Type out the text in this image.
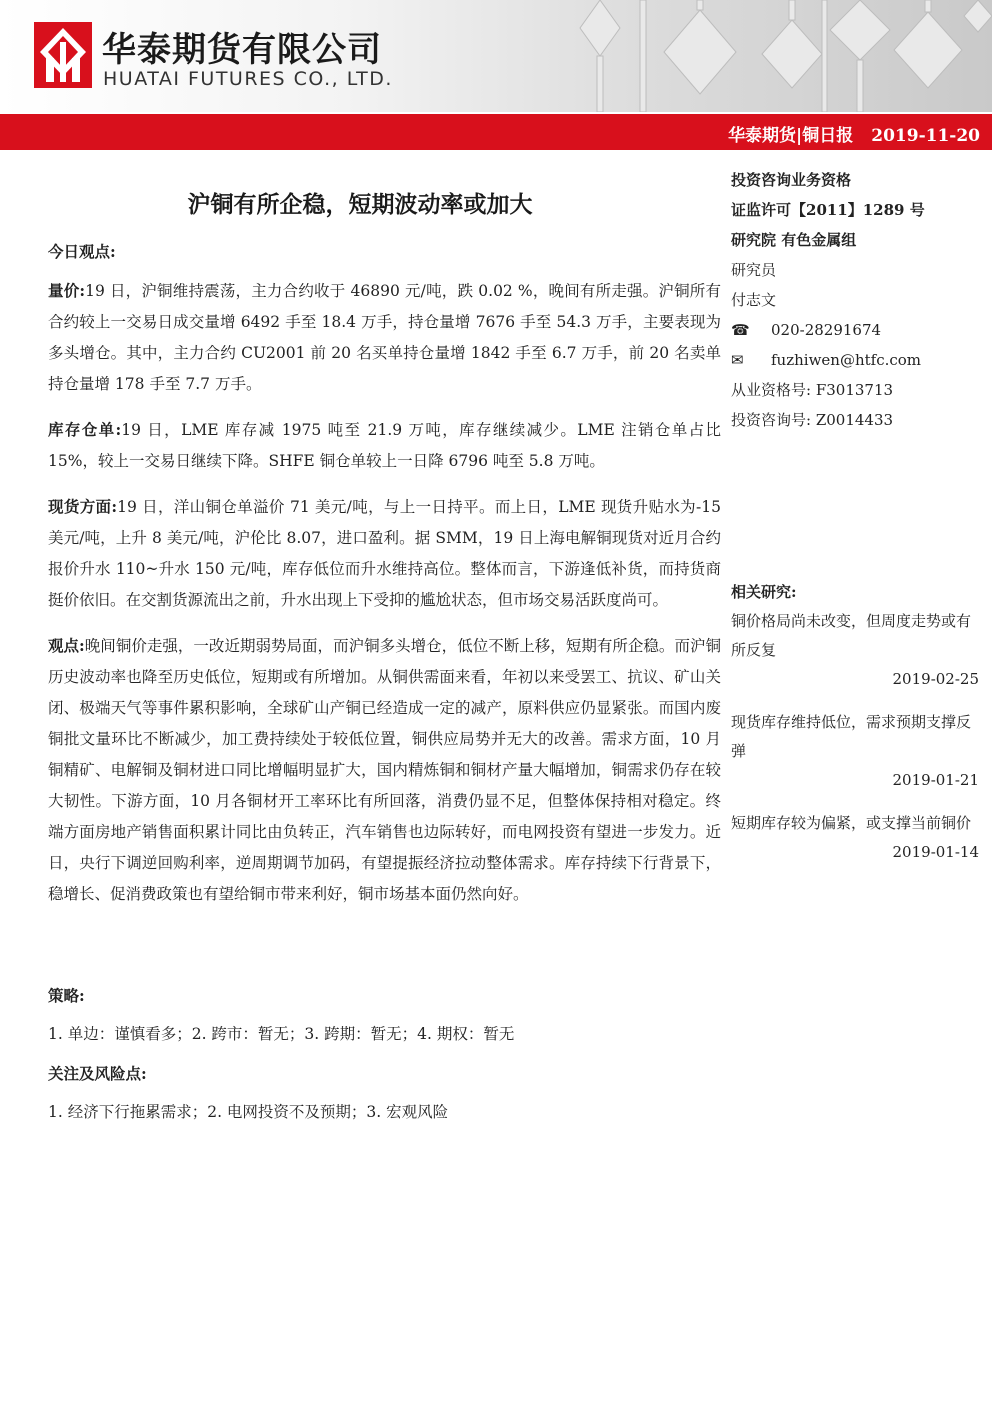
华泰期货有限公司
HUATAI FUTURES CO., LTD.
华泰期货|铜日报 2019-11-20
沪铜有所企稳，短期波动率或加大

今日观点:

量价:19 日，沪铜维持震荡，主力合约收于 46890 元/吨，跌 0.02 %，晚间有所走强。沪铜所有合约较上一交易日成交量增 6492 手至 18.4 万手，持仓量增 7676 手至 54.3 万手，主要表现为多头增仓。其中，主力合约 CU2001 前 20 名买单持仓量增 1842 手至 6.7 万手，前 20 名卖单持仓量增 178 手至 7.7 万手。

库存仓单:19 日，LME 库存减 1975 吨至 21.9 万吨，库存继续减少。LME 注销仓单占比 15%，较上一交易日继续下降。SHFE 铜仓单较上一日降 6796 吨至 5.8 万吨。

现货方面:19 日，洋山铜仓单溢价 71 美元/吨，与上一日持平。而上日，LME 现货升贴水为-15 美元/吨，上升 8 美元/吨，沪伦比 8.07，进口盈利。据 SMM，19 日上海电解铜现货对近月合约报价升水 110~升水 150 元/吨，库存低位而升水维持高位。整体而言，下游逢低补货，而持货商挺价依旧。在交割货源流出之前，升水出现上下受抑的尴尬状态，但市场交易活跃度尚可。

观点:晚间铜价走强，一改近期弱势局面，而沪铜多头增仓，低位不断上移，短期有所企稳。而沪铜历史波动率也降至历史低位，短期或有所增加。从铜供需面来看，年初以来受罢工、抗议、矿山关闭、极端天气等事件累积影响，全球矿山产铜已经造成一定的减产，原料供应仍显紧张。而国内废铜批文量环比不断减少，加工费持续处于较低位置，铜供应局势并无大的改善。需求方面，10 月铜精矿、电解铜及铜材进口同比增幅明显扩大，国内精炼铜和铜材产量大幅增加，铜需求仍存在较大韧性。下游方面，10 月各铜材开工率环比有所回落，消费仍显不足，但整体保持相对稳定。终端方面房地产销售面积累计同比由负转正，汽车销售也边际转好，而电网投资有望进一步发力。近日，央行下调逆回购利率，逆周期调节加码，有望提振经济拉动整体需求。库存持续下行背景下，稳增长、促消费政策也有望给铜市带来利好，铜市场基本面仍然向好。

策略:

1. 单边：谨慎看多；2. 跨市：暂无；3. 跨期：暂无；4. 期权：暂无

关注及风险点:

1. 经济下行拖累需求；2. 电网投资不及预期；3. 宏观风险

投资咨询业务资格
证监许可【2011】1289 号
研究院 有色金属组
研究员
付志文
☎ 020-28291674
✉ fuzhiwen@htfc.com
从业资格号: F3013713
投资咨询号: Z0014433
相关研究:
铜价格局尚未改变，但周度走势或有所反复
2019-02-25
现货库存维持低位，需求预期支撑反弹
2019-01-21
短期库存较为偏紧，或支撑当前铜价
2019-01-14
